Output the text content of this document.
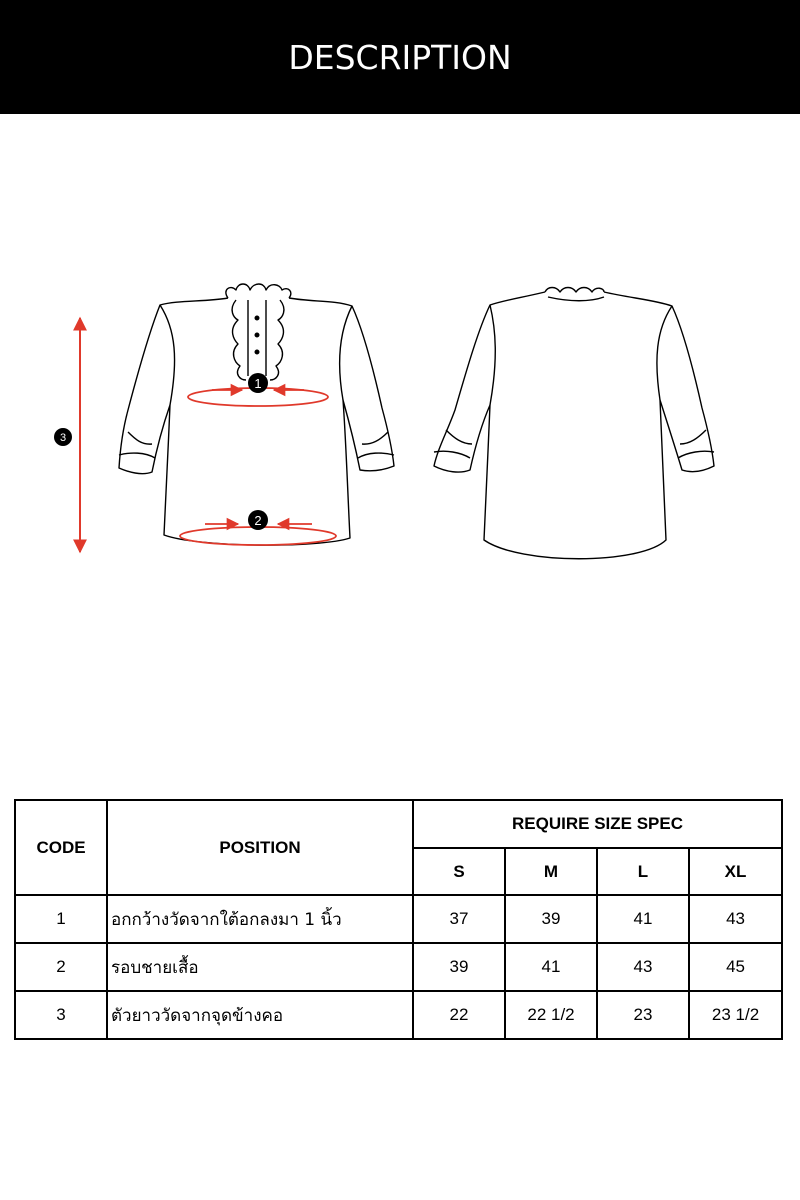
DESCRIPTION
1
2
3
CODE	POSITION	REQUIRE SIZE SPEC			
		S	M	L	XL
1	อกกว้างวัดจากใต้อกลงมา 1 นิ้ว	37	39	41	43
2	รอบชายเสื้อ	39	41	43	45
3	ตัวยาววัดจากจุดข้างคอ	22	22 1/2	23	23 1/2
